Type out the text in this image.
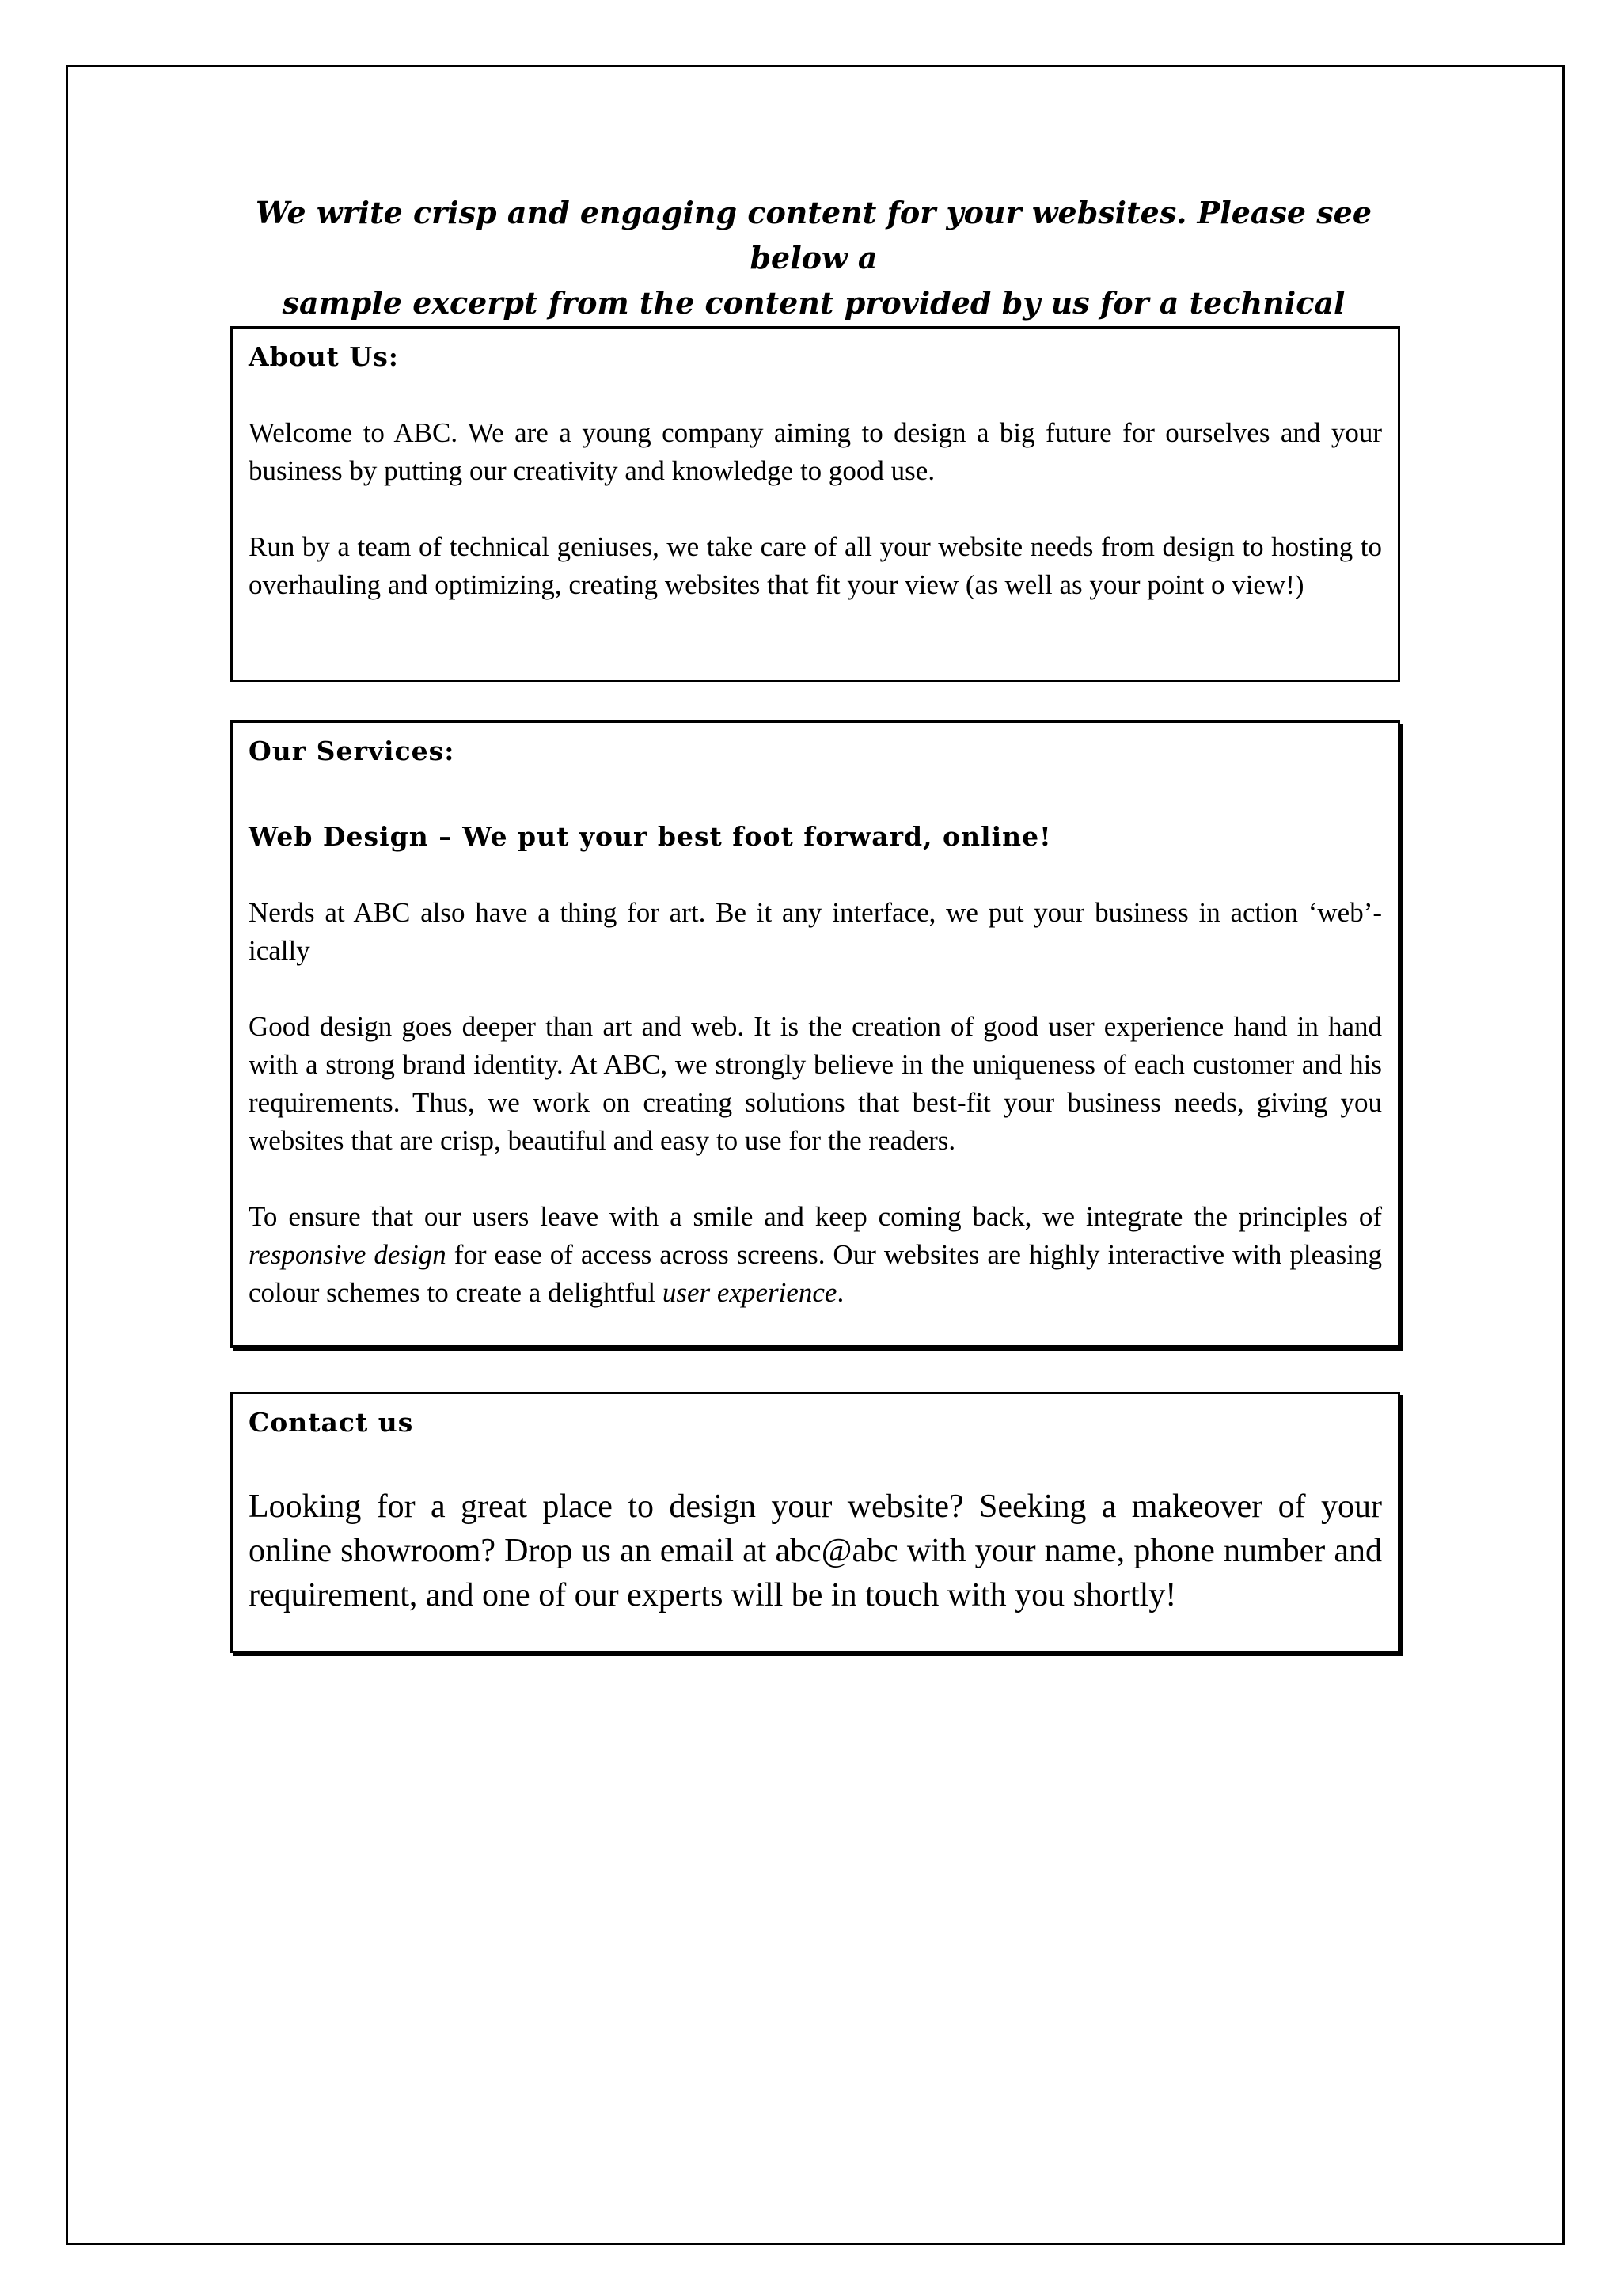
We write crisp and engaging content for your websites. Please see below a
sample excerpt from the content provided by us for a technical

About Us:

Welcome to ABC. We are a young company aiming to design a big future for ourselves and your business by putting our creativity and knowledge to good use.

Run by a team of technical geniuses, we take care of all your website needs from design to hosting to overhauling and optimizing, creating websites that fit your view (as well as your point o view!)

Our Services:

Web Design – We put your best foot forward, online!

Nerds at ABC also have a thing for art. Be it any interface, we put your business in action ‘web’-ically

Good design goes deeper than art and web. It is the creation of good user experience hand in hand with a strong brand identity. At ABC, we strongly believe in the uniqueness of each customer and his requirements. Thus, we work on creating solutions that best-fit your business needs, giving you websites that are crisp, beautiful and easy to use for the readers.

To ensure that our users leave with a smile and keep coming back, we integrate the principles of responsive design for ease of access across screens. Our websites are highly interactive with pleasing colour schemes to create a delightful user experience.

Contact us

Looking for a great place to design your website? Seeking a makeover of your online showroom? Drop us an email at abc@abc with your name, phone number and requirement, and one of our experts will be in touch with you shortly!
